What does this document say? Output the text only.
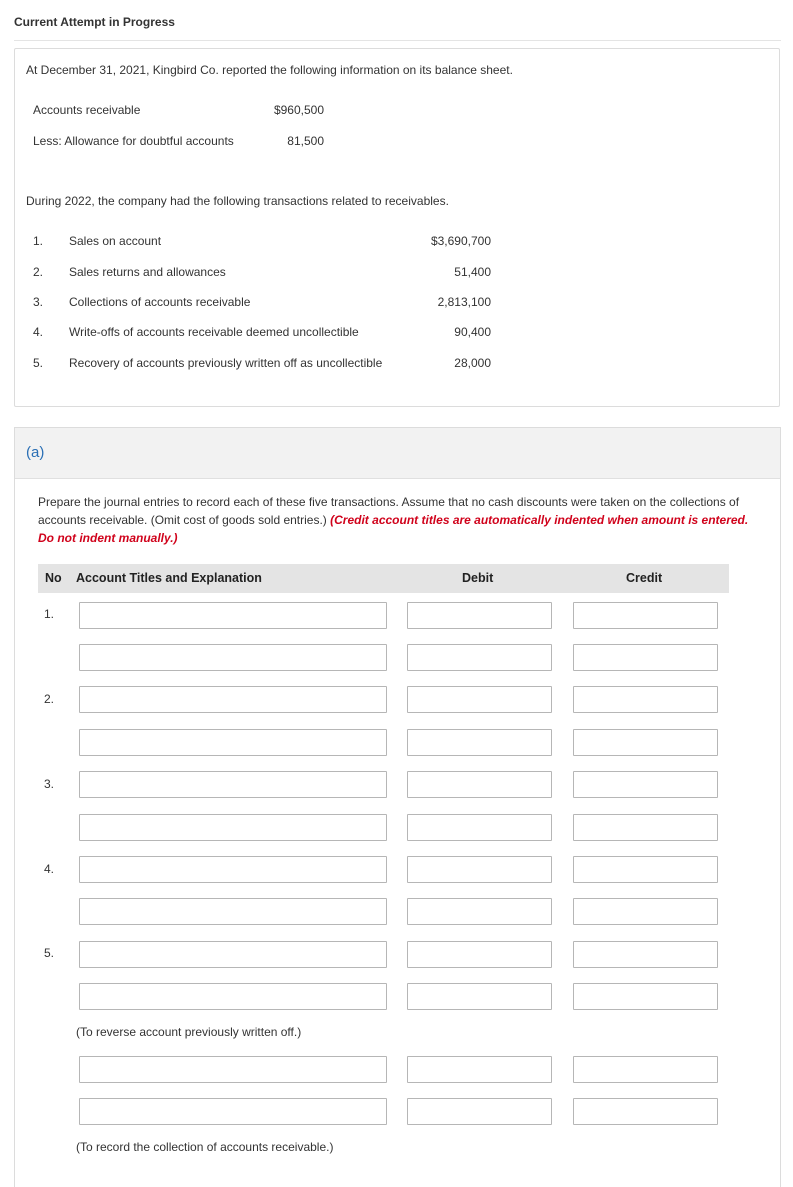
Current Attempt in Progress
At December 31, 2021, Kingbird Co. reported the following information on its balance sheet.
Accounts receivable	$960,500
Less: Allowance for doubtful accounts	81,500
During 2022, the company had the following transactions related to receivables.
1. Sales on account	$3,690,700
2. Sales returns and allowances	51,400
3. Collections of accounts receivable	2,813,100
4. Write-offs of accounts receivable deemed uncollectible	90,400
5. Recovery of accounts previously written off as uncollectible	28,000
(a)
Prepare the journal entries to record each of these five transactions. Assume that no cash discounts were taken on the collections of accounts receivable. (Omit cost of goods sold entries.) (Credit account titles are automatically indented when amount is entered. Do not indent manually.)
No Account Titles and Explanation	Debit	Credit
1.
2.
3.
4.
5.
(To reverse account previously written off.)
(To record the collection of accounts receivable.)
